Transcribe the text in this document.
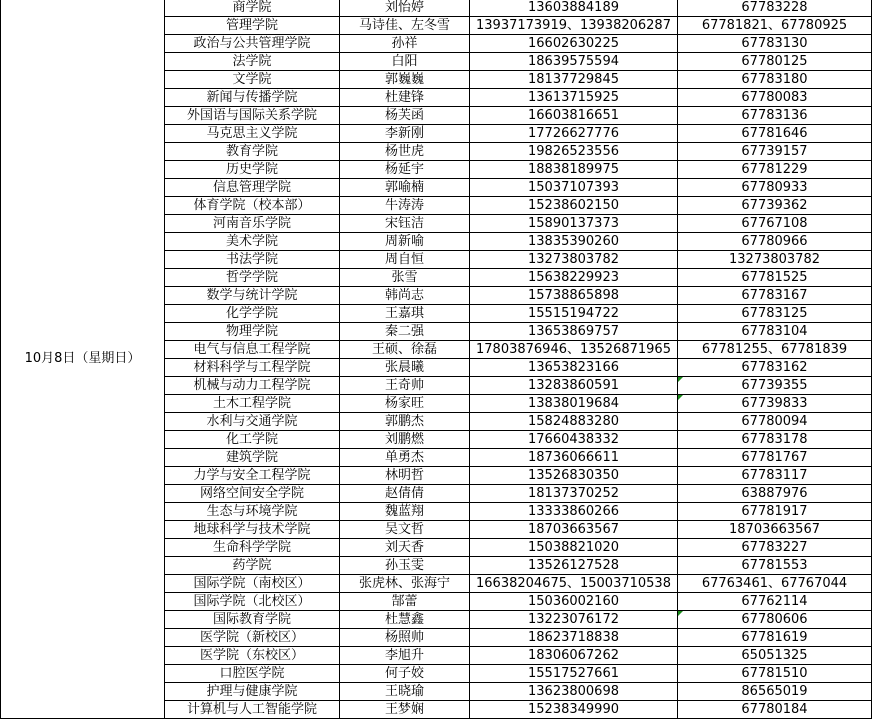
10月8日（星期日）	商学院	刘怡婷	13603884189	67783228
	管理学院	马诗佳、左冬雪	13937173919、13938206287	67781821、67780925
	政治与公共管理学院	孙祥	16602630225	67783130
	法学院	白阳	18639575594	67780125
	文学院	郭巍巍	18137729845	67783180
	新闻与传播学院	杜建锋	13613715925	67780083
	外国语与国际关系学院	杨芙函	16603816651	67783136
	马克思主义学院	李新刚	17726627776	67781646
	教育学院	杨世虎	19826523556	67739157
	历史学院	杨延宇	18838189975	67781229
	信息管理学院	郭喻楠	15037107393	67780933
	体育学院（校本部）	牛涛涛	15238602150	67739362
	河南音乐学院	宋钰洁	15890137373	67767108
	美术学院	周新喻	13835390260	67780966
	书法学院	周自恒	13273803782	13273803782
	哲学学院	张雪	15638229923	67781525
	数学与统计学院	韩尚志	15738865898	67783167
	化学学院	王嘉琪	15515194722	67783125
	物理学院	秦二强	13653869757	67783104
	电气与信息工程学院	王硕、徐磊	17803876946、13526871965	67781255、67781839
	材料科学与工程学院	张晨曦	13653823166	67783162
	机械与动力工程学院	王奇帅	13283860591	67739355
	土木工程学院	杨家旺	13838019684	67739833
	水利与交通学院	郭鹏杰	15824883280	67780094
	化工学院	刘鹏燃	17660438332	67783178
	建筑学院	单勇杰	18736066611	67781767
	力学与安全工程学院	林明哲	13526830350	67783117
	网络空间安全学院	赵倩倩	18137370252	63887976
	生态与环境学院	魏蓝翔	13333860266	67781917
	地球科学与技术学院	吴文哲	18703663567	18703663567
	生命科学学院	刘天香	15038821020	67783227
	药学院	孙玉雯	13526127528	67781553
	国际学院（南校区）	张虎林、张海宁	16638204675、15003710538	67763461、67767044
	国际学院（北校区）	郜蕾	15036002160	67762114
	国际教育学院	杜慧鑫	13223076172	67780606
	医学院（新校区）	杨照帅	18623718838	67781619
	医学院（东校区）	李旭升	18306067262	65051325
	口腔医学院	何子姣	15517527661	67781510
	护理与健康学院	王晓瑜	13623800698	86565019
	计算机与人工智能学院	王梦娴	15238349990	67780184
